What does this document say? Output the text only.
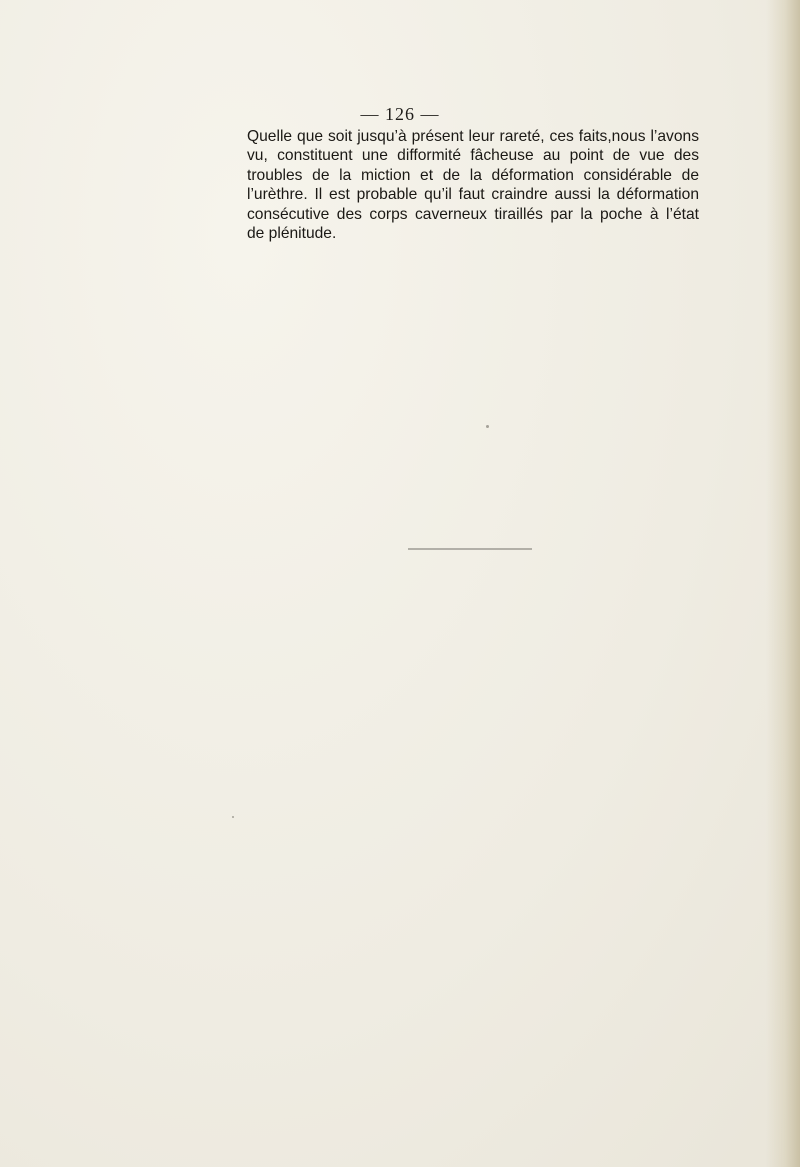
— 126 —
Quelle que soit jusqu’à présent leur rareté, ces faits,nous l’avons
vu, constituent une difformité fâcheuse au point de vue des
troubles de la miction et de la déformation considérable de
l’urèthre. Il est probable qu’il faut craindre aussi la déformation
consécutive des corps caverneux tiraillés par la poche à l’état
de plénitude.
